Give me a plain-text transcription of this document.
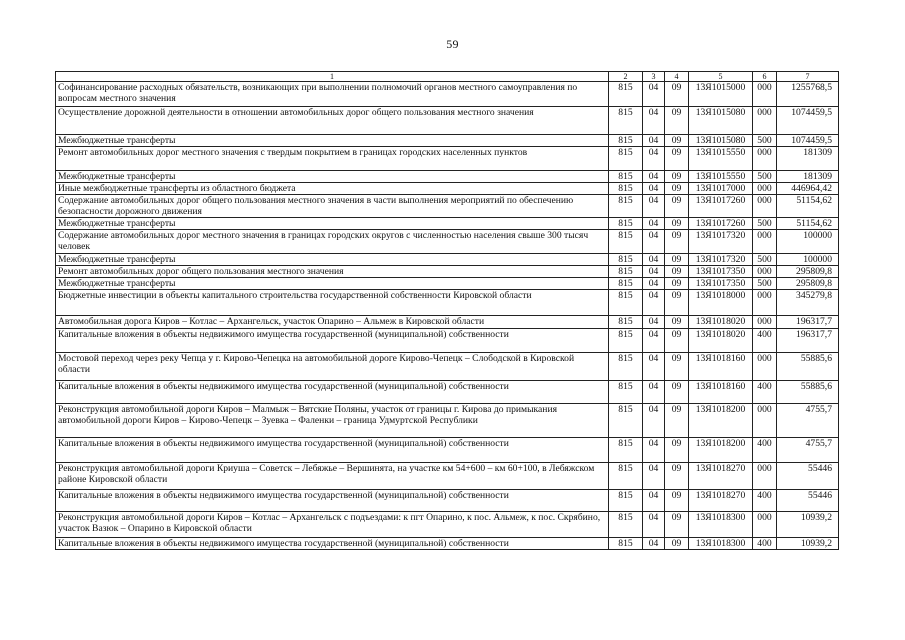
59
1	2	3	4	5	6	7
Софинансирование расходных обязательств, возникающих при выполнении полномочий органов местного самоуправления по вопросам местного значения	815	04	09	13Я1015000	000	1255768,5
Осуществление дорожной деятельности в отношении автомобильных дорог общего пользования местного значения	815	04	09	13Я1015080	000	1074459,5
Межбюджетные трансферты	815	04	09	13Я1015080	500	1074459,5
Ремонт автомобильных дорог местного значения с твердым покрытием в границах городских населенных пунктов	815	04	09	13Я1015550	000	181309
Межбюджетные трансферты	815	04	09	13Я1015550	500	181309
Иные межбюджетные трансферты из областного бюджета	815	04	09	13Я1017000	000	446964,42
Содержание автомобильных дорог общего пользования местного значения в части выполнения мероприятий по обеспечению безопасности дорожного движения	815	04	09	13Я1017260	000	51154,62
Межбюджетные трансферты	815	04	09	13Я1017260	500	51154,62
Содержание автомобильных дорог местного значения в границах городских округов с численностью населения свыше 300 тысяч человек	815	04	09	13Я1017320	000	100000
Межбюджетные трансферты	815	04	09	13Я1017320	500	100000
Ремонт автомобильных дорог общего пользования местного значения	815	04	09	13Я1017350	000	295809,8
Межбюджетные трансферты	815	04	09	13Я1017350	500	295809,8
Бюджетные инвестиции в объекты капитального строительства государственной собственности Кировской области	815	04	09	13Я1018000	000	345279,8
Автомобильная дорога Киров – Котлас – Архангельск, участок Опарино – Альмеж в Кировской области	815	04	09	13Я1018020	000	196317,7
Капитальные вложения в объекты недвижимого имущества государственной (муниципальной) собственности	815	04	09	13Я1018020	400	196317,7
Мостовой переход через реку Чепца у г. Кирово-Чепецка на автомобильной дороге Кирово-Чепецк – Слободской в Кировской области	815	04	09	13Я1018160	000	55885,6
Капитальные вложения в объекты недвижимого имущества государственной (муниципальной) собственности	815	04	09	13Я1018160	400	55885,6
Реконструкция автомобильной дороги Киров – Малмыж – Вятские Поляны, участок от границы г. Кирова до примыкания автомобильной дороги Киров – Кирово-Чепецк – Зуевка – Фаленки – граница Удмуртской Республики	815	04	09	13Я1018200	000	4755,7
Капитальные вложения в объекты недвижимого имущества государственной (муниципальной) собственности	815	04	09	13Я1018200	400	4755,7
Реконструкция автомобильной дороги Криуша – Советск – Лебяжье – Вершинята, на участке км 54+600 – км 60+100, в Лебяжском районе Кировской области	815	04	09	13Я1018270	000	55446
Капитальные вложения в объекты недвижимого имущества государственной (муниципальной) собственности	815	04	09	13Я1018270	400	55446
Реконструкция автомобильной дороги Киров – Котлас – Архангельск с подъездами: к пгт Опарино, к пос. Альмеж, к пос. Скрябино, участок Вазюк – Опарино в Кировской области	815	04	09	13Я1018300	000	10939,2
Капитальные вложения в объекты недвижимого имущества государственной (муниципальной) собственности	815	04	09	13Я1018300	400	10939,2
